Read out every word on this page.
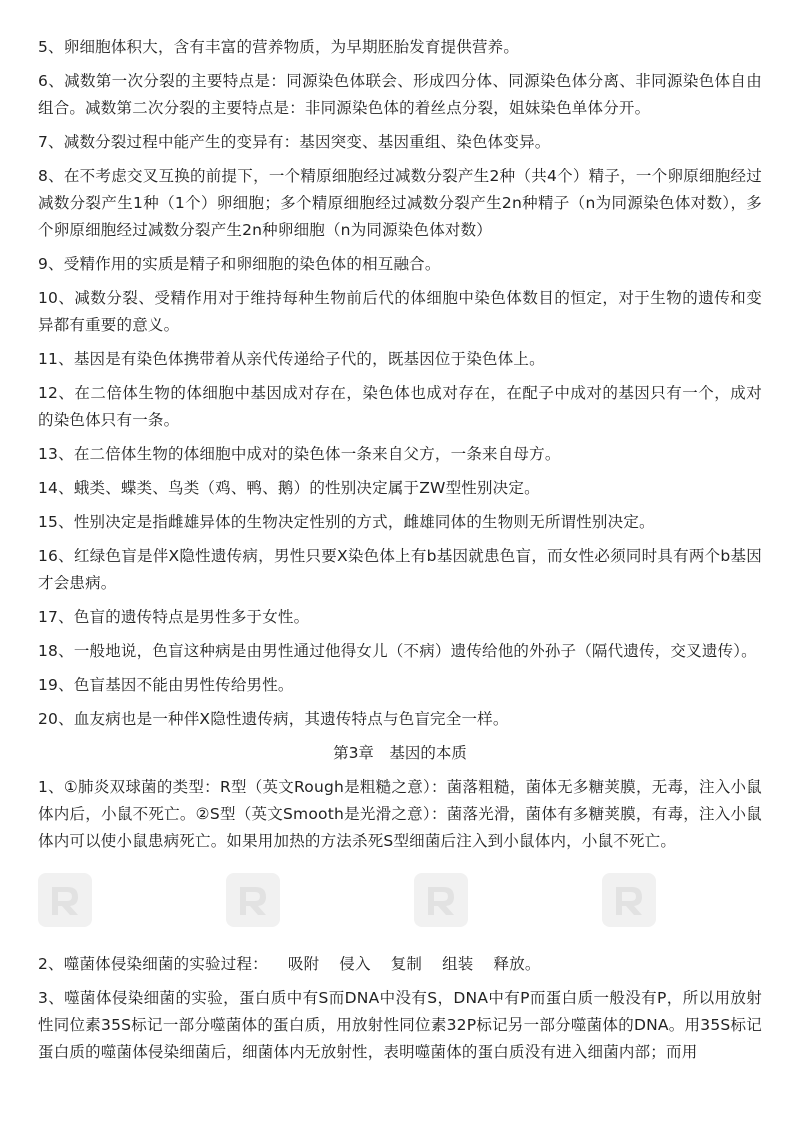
5、卵细胞体积大，含有丰富的营养物质，为早期胚胎发育提供营养。

6、减数第一次分裂的主要特点是：同源染色体联会、形成四分体、同源染色体分离、非同源染色体自由组合。减数第二次分裂的主要特点是：非同源染色体的着丝点分裂，姐妹染色单体分开。

7、减数分裂过程中能产生的变异有：基因突变、基因重组、染色体变异。

8、在不考虑交叉互换的前提下，一个精原细胞经过减数分裂产生2种（共4个）精子，一个卵原细胞经过减数分裂产生1种（1个）卵细胞；多个精原细胞经过减数分裂产生2n种精子（n为同源染色体对数），多个卵原细胞经过减数分裂产生2n种卵细胞（n为同源染色体对数）

9、受精作用的实质是精子和卵细胞的染色体的相互融合。

10、减数分裂、受精作用对于维持每种生物前后代的体细胞中染色体数目的恒定，对于生物的遗传和变异都有重要的意义。

11、基因是有染色体携带着从亲代传递给子代的，既基因位于染色体上。

12、在二倍体生物的体细胞中基因成对存在，染色体也成对存在，在配子中成对的基因只有一个，成对的染色体只有一条。

13、在二倍体生物的体细胞中成对的染色体一条来自父方，一条来自母方。

14、蛾类、蝶类、鸟类（鸡、鸭、鹅）的性别决定属于ZW型性别决定。

15、性别决定是指雌雄异体的生物决定性别的方式，雌雄同体的生物则无所谓性别决定。

16、红绿色盲是伴X隐性遗传病，男性只要X染色体上有b基因就患色盲，而女性必须同时具有两个b基因才会患病。

17、色盲的遗传特点是男性多于女性。

18、一般地说，色盲这种病是由男性通过他得女儿（不病）遗传给他的外孙子（隔代遗传，交叉遗传）。

19、色盲基因不能由男性传给男性。

20、血友病也是一种伴X隐性遗传病，其遗传特点与色盲完全一样。

第3章　基因的本质

1、①肺炎双球菌的类型：R型（英文Rough是粗糙之意）：菌落粗糙，菌体无多糖荚膜，无毒，注入小鼠体内后，小鼠不死亡。②S型（英文Smooth是光滑之意）：菌落光滑，菌体有多糖荚膜，有毒，注入小鼠体内可以使小鼠患病死亡。如果用加热的方法杀死S型细菌后注入到小鼠体内，小鼠不死亡。

2、噬菌体侵染细菌的实验过程： 吸附 侵入 复制 组装 释放。

3、噬菌体侵染细菌的实验，蛋白质中有S而DNA中没有S，DNA中有P而蛋白质一般没有P，所以用放射性同位素35S标记一部分噬菌体的蛋白质，用放射性同位素32P标记另一部分噬菌体的DNA。用35S标记蛋白质的噬菌体侵染细菌后，细菌体内无放射性，表明噬菌体的蛋白质没有进入细菌内部；而用
